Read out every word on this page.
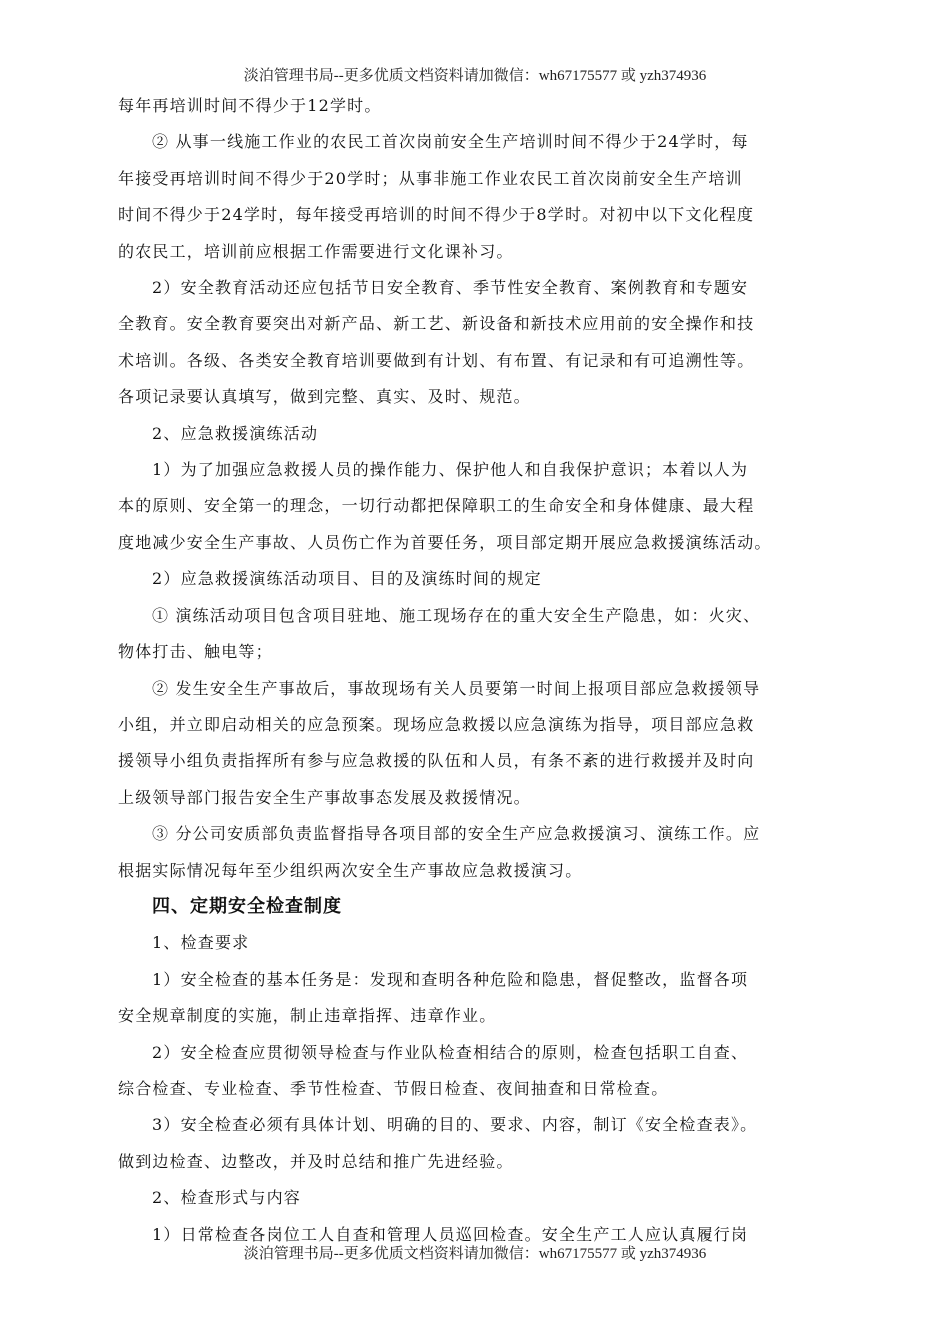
淡泊管理书局--更多优质文档资料请加微信：wh67175577 或 yzh374936

每年再培训时间不得少于12学时。

② 从事一线施工作业的农民工首次岗前安全生产培训时间不得少于24学时，每

年接受再培训时间不得少于20学时；从事非施工作业农民工首次岗前安全生产培训

时间不得少于24学时，每年接受再培训的时间不得少于8学时。对初中以下文化程度

的农民工，培训前应根据工作需要进行文化课补习。

2）安全教育活动还应包括节日安全教育、季节性安全教育、案例教育和专题安

全教育。安全教育要突出对新产品、新工艺、新设备和新技术应用前的安全操作和技

术培训。各级、各类安全教育培训要做到有计划、有布置、有记录和有可追溯性等。

各项记录要认真填写，做到完整、真实、及时、规范。

2、应急救援演练活动

1）为了加强应急救援人员的操作能力、保护他人和自我保护意识；本着以人为

本的原则、安全第一的理念，一切行动都把保障职工的生命安全和身体健康、最大程

度地减少安全生产事故、人员伤亡作为首要任务，项目部定期开展应急救援演练活动。

2）应急救援演练活动项目、目的及演练时间的规定

① 演练活动项目包含项目驻地、施工现场存在的重大安全生产隐患，如：火灾、

物体打击、触电等；

② 发生安全生产事故后，事故现场有关人员要第一时间上报项目部应急救援领导

小组，并立即启动相关的应急预案。现场应急救援以应急演练为指导，项目部应急救

援领导小组负责指挥所有参与应急救援的队伍和人员，有条不紊的进行救援并及时向

上级领导部门报告安全生产事故事态发展及救援情况。

③ 分公司安质部负责监督指导各项目部的安全生产应急救援演习、演练工作。应

根据实际情况每年至少组织两次安全生产事故应急救援演习。

四、定期安全检查制度

1、检查要求

1）安全检查的基本任务是：发现和查明各种危险和隐患，督促整改，监督各项

安全规章制度的实施，制止违章指挥、违章作业。

2）安全检查应贯彻领导检查与作业队检查相结合的原则，检查包括职工自查、

综合检查、专业检查、季节性检查、节假日检查、夜间抽查和日常检查。

3）安全检查必须有具体计划、明确的目的、要求、内容，制订《安全检查表》。

做到边检查、边整改，并及时总结和推广先进经验。

2、检查形式与内容

1）日常检查各岗位工人自查和管理人员巡回检查。安全生产工人应认真履行岗

淡泊管理书局--更多优质文档资料请加微信：wh67175577 或 yzh374936
